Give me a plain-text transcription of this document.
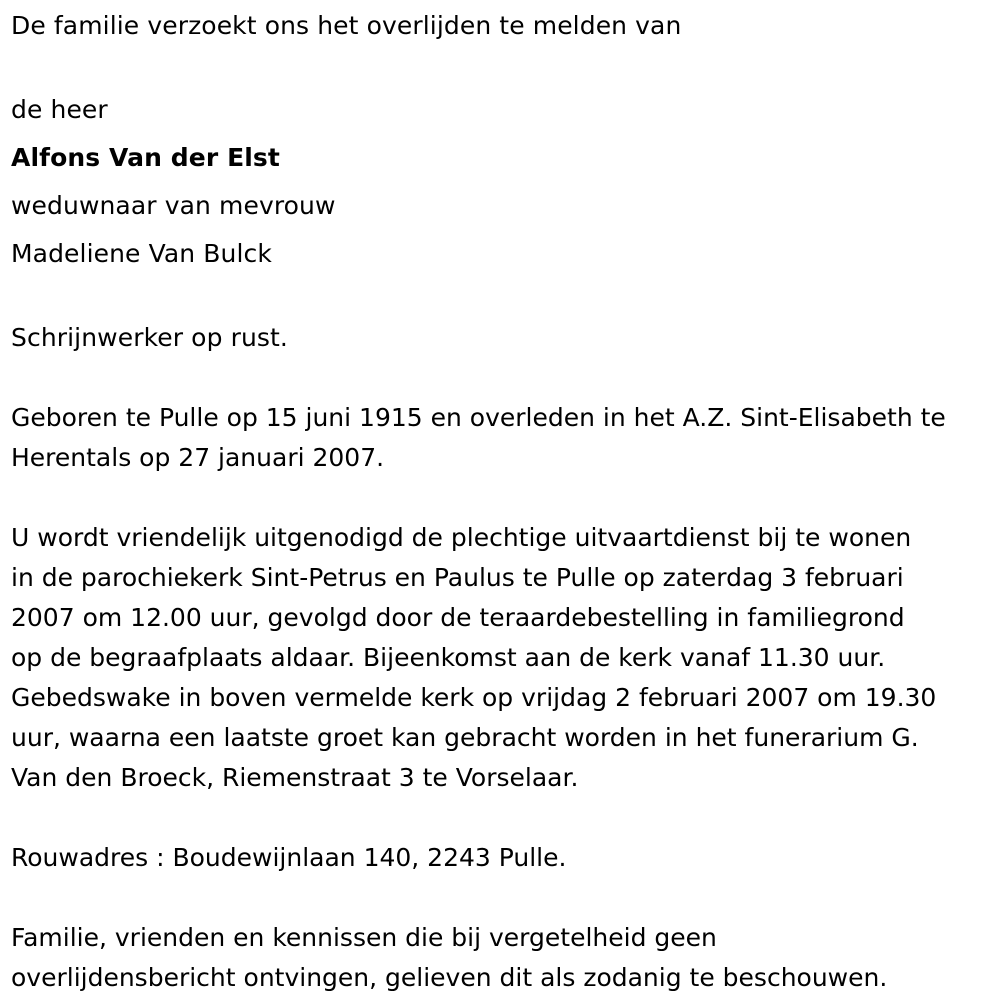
De familie verzoekt ons het overlijden te melden van

de heer

Alfons Van der Elst

weduwnaar van mevrouw

Madeliene Van Bulck

Schrijnwerker op rust.

Geboren te Pulle op 15 juni 1915 en overleden in het A.Z. Sint-Elisabeth te

Herentals op 27 januari 2007.

U wordt vriendelijk uitgenodigd de plechtige uitvaartdienst bij te wonen

in de parochiekerk Sint-Petrus en Paulus te Pulle op zaterdag 3 februari

2007 om 12.00 uur, gevolgd door de teraardebestelling in familiegrond

op de begraafplaats aldaar. Bijeenkomst aan de kerk vanaf 11.30 uur.

Gebedswake in boven vermelde kerk op vrijdag 2 februari 2007 om 19.30

uur, waarna een laatste groet kan gebracht worden in het funerarium G.

Van den Broeck, Riemenstraat 3 te Vorselaar.

Rouwadres : Boudewijnlaan 140, 2243 Pulle.

Familie, vrienden en kennissen die bij vergetelheid geen

overlijdensbericht ontvingen, gelieven dit als zodanig te beschouwen.
